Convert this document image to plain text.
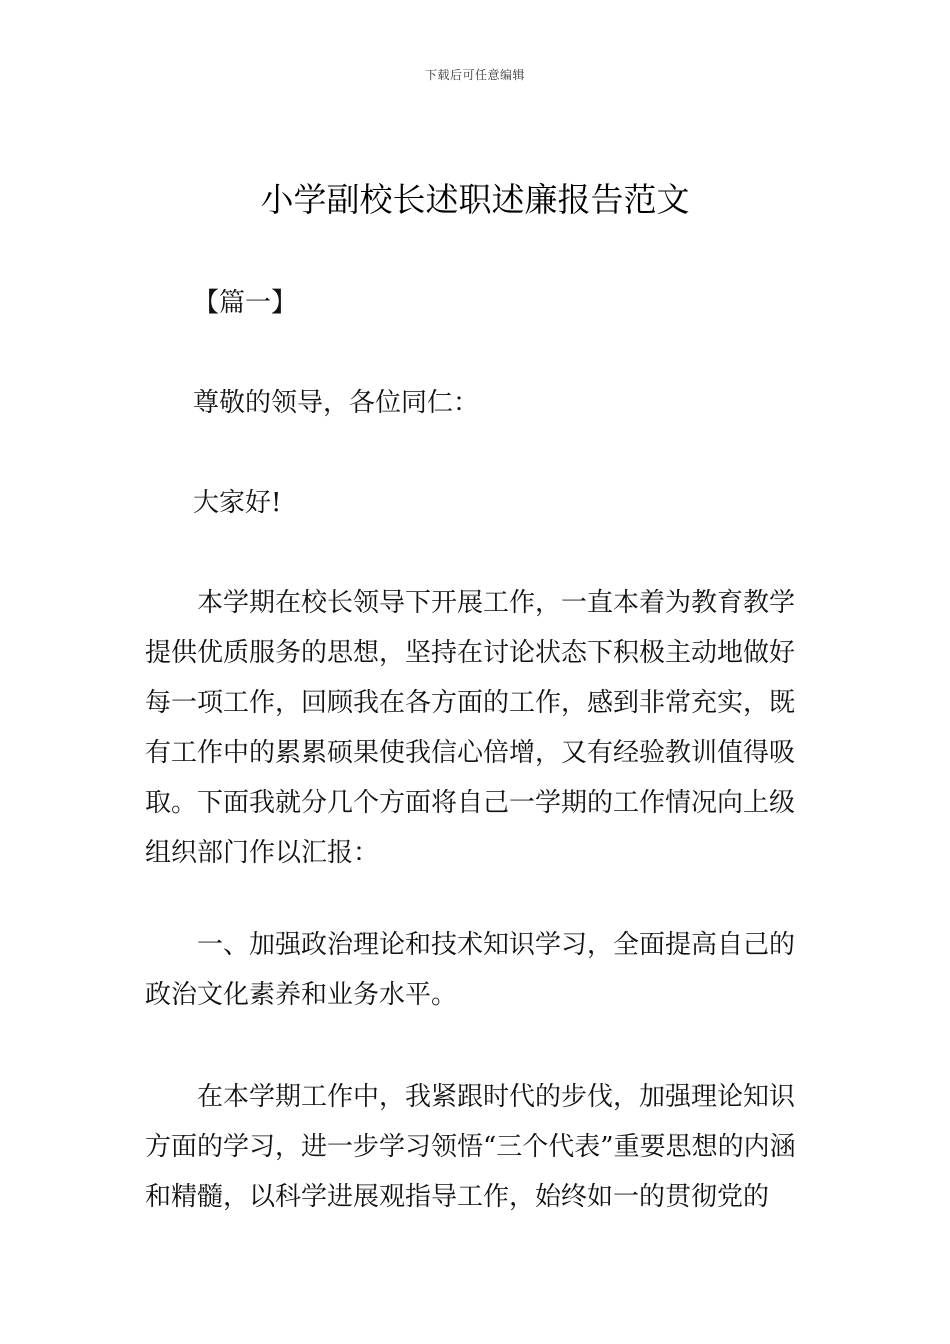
下载后可任意编辑
小学副校长述职述廉报告范文

【篇一】

尊敬的领导，各位同仁：

大家好!

本学期在校长领导下开展工作，一直本着为教育教学提供优质服务的思想，坚持在讨论状态下积极主动地做好每一项工作，回顾我在各方面的工作，感到非常充实，既有工作中的累累硕果使我信心倍增，又有经验教训值得吸取。下面我就分几个方面将自己一学期的工作情况向上级组织部门作以汇报：

一、加强政治理论和技术知识学习，全面提高自己的政治文化素养和业务水平。

在本学期工作中，我紧跟时代的步伐，加强理论知识方面的学习，进一步学习领悟“三个代表”重要思想的内涵和精髓，以科学进展观指导工作，始终如一的贯彻党的
